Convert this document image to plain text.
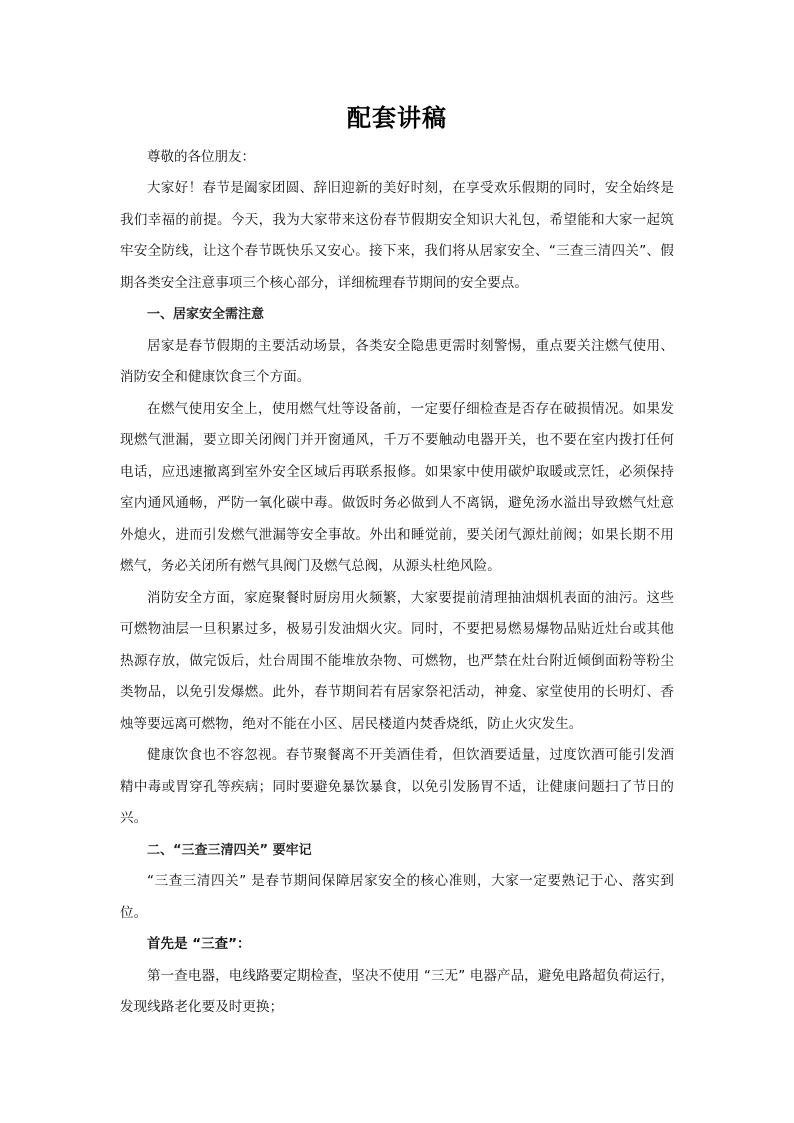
配套讲稿

尊敬的各位朋友：

大家好！春节是阖家团圆、辞旧迎新的美好时刻，在享受欢乐假期的同时，安全始终是我们幸福的前提。今天，我为大家带来这份春节假期安全知识大礼包，希望能和大家一起筑牢安全防线，让这个春节既快乐又安心。接下来，我们将从居家安全、“三查三清四关”、假期各类安全注意事项三个核心部分，详细梳理春节期间的安全要点。

一、居家安全需注意

居家是春节假期的主要活动场景，各类安全隐患更需时刻警惕，重点要关注燃气使用、消防安全和健康饮食三个方面。

在燃气使用安全上，使用燃气灶等设备前，一定要仔细检查是否存在破损情况。如果发现燃气泄漏，要立即关闭阀门并开窗通风，千万不要触动电器开关，也不要在室内拨打任何电话，应迅速撤离到室外安全区域后再联系报修。如果家中使用碳炉取暖或烹饪，必须保持室内通风通畅，严防一氧化碳中毒。做饭时务必做到人不离锅，避免汤水溢出导致燃气灶意外熄火，进而引发燃气泄漏等安全事故。外出和睡觉前，要关闭气源灶前阀；如果长期不用燃气，务必关闭所有燃气具阀门及燃气总阀，从源头杜绝风险。

消防安全方面，家庭聚餐时厨房用火频繁，大家要提前清理抽油烟机表面的油污。这些可燃物油层一旦积累过多，极易引发油烟火灾。同时，不要把易燃易爆物品贴近灶台或其他热源存放，做完饭后，灶台周围不能堆放杂物、可燃物，也严禁在灶台附近倾倒面粉等粉尘类物品，以免引发爆燃。此外，春节期间若有居家祭祀活动，神龛、家堂使用的长明灯、香烛等要远离可燃物，绝对不能在小区、居民楼道内焚香烧纸，防止火灾发生。

健康饮食也不容忽视。春节聚餐离不开美酒佳肴，但饮酒要适量，过度饮酒可能引发酒精中毒或胃穿孔等疾病；同时要避免暴饮暴食，以免引发肠胃不适，让健康问题扫了节日的兴。

二、“三查三清四关” 要牢记

“三查三清四关” 是春节期间保障居家安全的核心准则，大家一定要熟记于心、落实到位。

首先是 “三查”：

第一查电器，电线路要定期检查，坚决不使用 “三无” 电器产品，避免电路超负荷运行，发现线路老化要及时更换；
